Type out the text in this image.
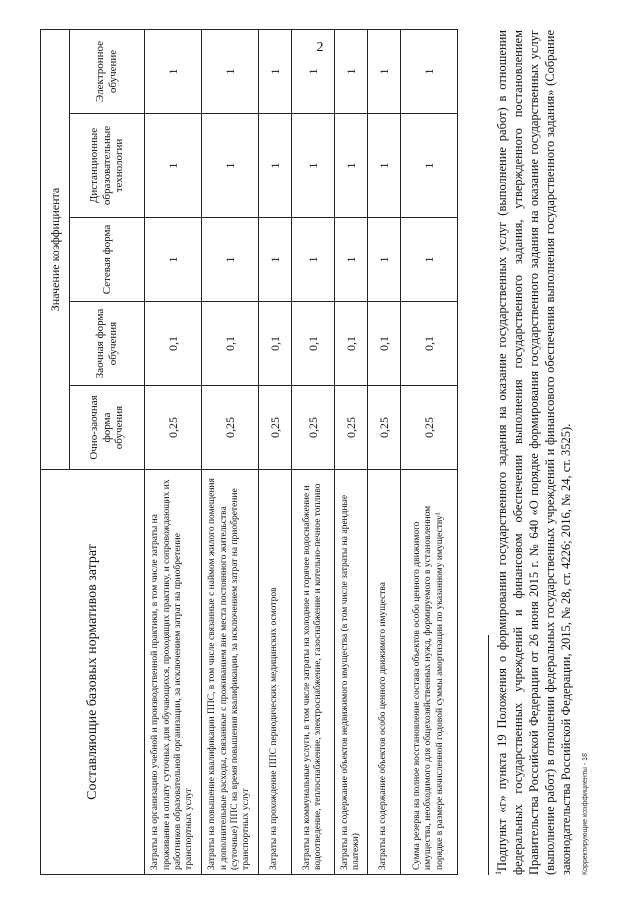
2
Составляющие базовых нормативов затрат	Значение коэффициента				
	Очно-заочная форма обучения	Заочная форма обучения	Сетевая форма	Дистанционные образовательные технологии	Электронное обучение
Затраты на организацию учебной и производственной практики, в том числе затраты на проживание и оплату суточных для обучающихся, проходящих практику, и сопровождающих их работников образовательной организации, за исключением затрат на приобретение транспортных услуг	0,25	0,1	1	1	1
Затраты на повышение квалификации ППС, в том числе связанные с наймом жилого помещения и дополнительные расходы, связанные с проживанием вне места постоянного жительства (суточные) ППС на время повышения квалификации, за исключением затрат на приобретение транспортных услуг	0,25	0,1	1	1	1
Затраты на прохождение ППС периодических медицинских осмотров	0,25	0,1	1	1	1
Затраты на коммунальные услуги, в том числе затраты на холодное и горячее водоснабжение и водоотведение, теплоснабжение, электроснабжение, газоснабжение и котельно-печное топливо	0,25	0,1	1	1	1
Затраты на содержание объектов недвижимого имущества (в том числе затраты на арендные платежи)	0,25	0,1	1	1	1
Затраты на содержание объектов особо ценного движимого имущества	0,25	0,1	1	1	1
Сумма резерва на полное восстановление состава объектов особо ценного движимого имущества, необходимого для общехозяйственных нужд, формируемого в установленном порядке в размере начисленной годовой суммы амортизации по указанному имуществу¹	0,25	0,1	1	1	1
$^1$Подпункт «г» пункта 19 Положения о формировании государственного задания на оказание государственных услуг (выполнение работ) в отношении федеральных государственных учреждений и финансовом обеспечении выполнения государственного задания, утвержденного постановлением Правительства Российской Федерации от 26 июня 2015 г. № 640 «О порядке формирования государственного задания на оказание государственных услуг (выполнение работ) в отношении федеральных государственных учреждений и финансового обеспечения выполнения государственного задания» (Собрание законодательства Российской Федерации, 2015, № 28, ст. 4226; 2016, № 24, ст. 3525). Корректирующие коэффициенты - 18
